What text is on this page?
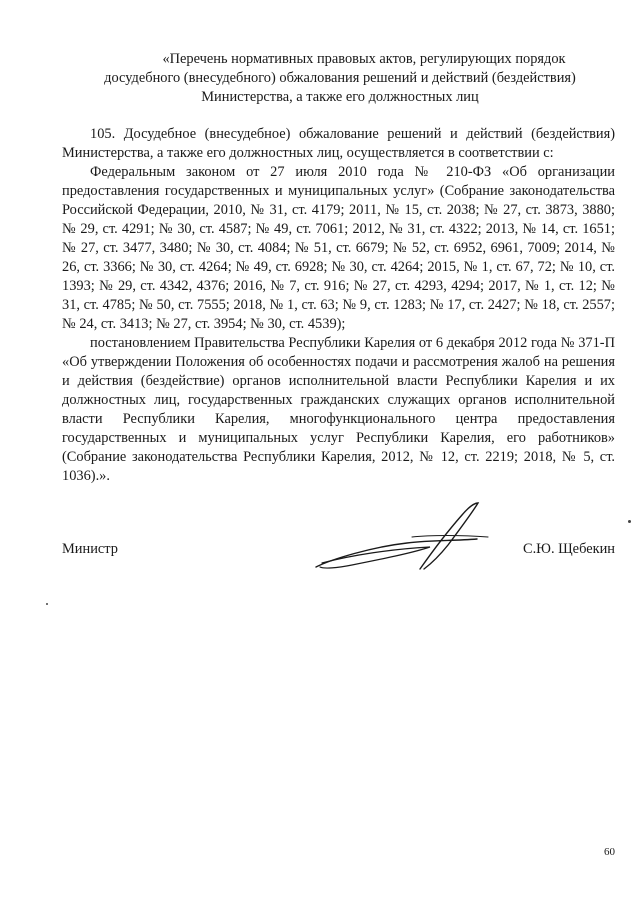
«Перечень нормативных правовых актов, регулирующих порядок
досудебного (внесудебного) обжалования решений и действий (бездействия)
Министерства, а также его должностных лиц

105. Досудебное (внесудебное) обжалование решений и действий (бездействия) Министерства, а также его должностных лиц, осуществляется в соответствии с:

Федеральным законом от 27 июля 2010 года № 210-ФЗ «Об организации предоставления государственных и муниципальных услуг» (Собрание законодательства Российской Федерации, 2010, № 31, ст. 4179; 2011, № 15, ст. 2038; № 27, ст. 3873, 3880; № 29, ст. 4291; № 30, ст. 4587; № 49, ст. 7061; 2012, № 31, ст. 4322; 2013, № 14, ст. 1651; № 27, ст. 3477, 3480; № 30, ст. 4084; № 51, ст. 6679; № 52, ст. 6952, 6961, 7009; 2014, № 26, ст. 3366; № 30, ст. 4264; № 49, ст. 6928; № 30, ст. 4264; 2015, № 1, ст. 67, 72; № 10, ст. 1393; № 29, ст. 4342, 4376; 2016, № 7, ст. 916; № 27, ст. 4293, 4294; 2017, № 1, ст. 12; № 31, ст. 4785; № 50, ст. 7555; 2018, № 1, ст. 63; № 9, ст. 1283; № 17, ст. 2427; № 18, ст. 2557; № 24, ст. 3413; № 27, ст. 3954; № 30, ст. 4539);

постановлением Правительства Республики Карелия от 6 декабря 2012 года № 371-П «Об утверждении Положения об особенностях подачи и рассмотрения жалоб на решения и действия (бездействие) органов исполнительной власти Республики Карелия и их должностных лиц, государственных гражданских служащих органов исполнительной власти Республики Карелия, многофункционального центра предоставления государственных и муниципальных услуг Республики Карелия, его работников» (Собрание законодательства Республики Карелия, 2012, № 12, ст. 2219; 2018, № 5, ст. 1036).».

Министр	С.Ю. Щебекин
60
